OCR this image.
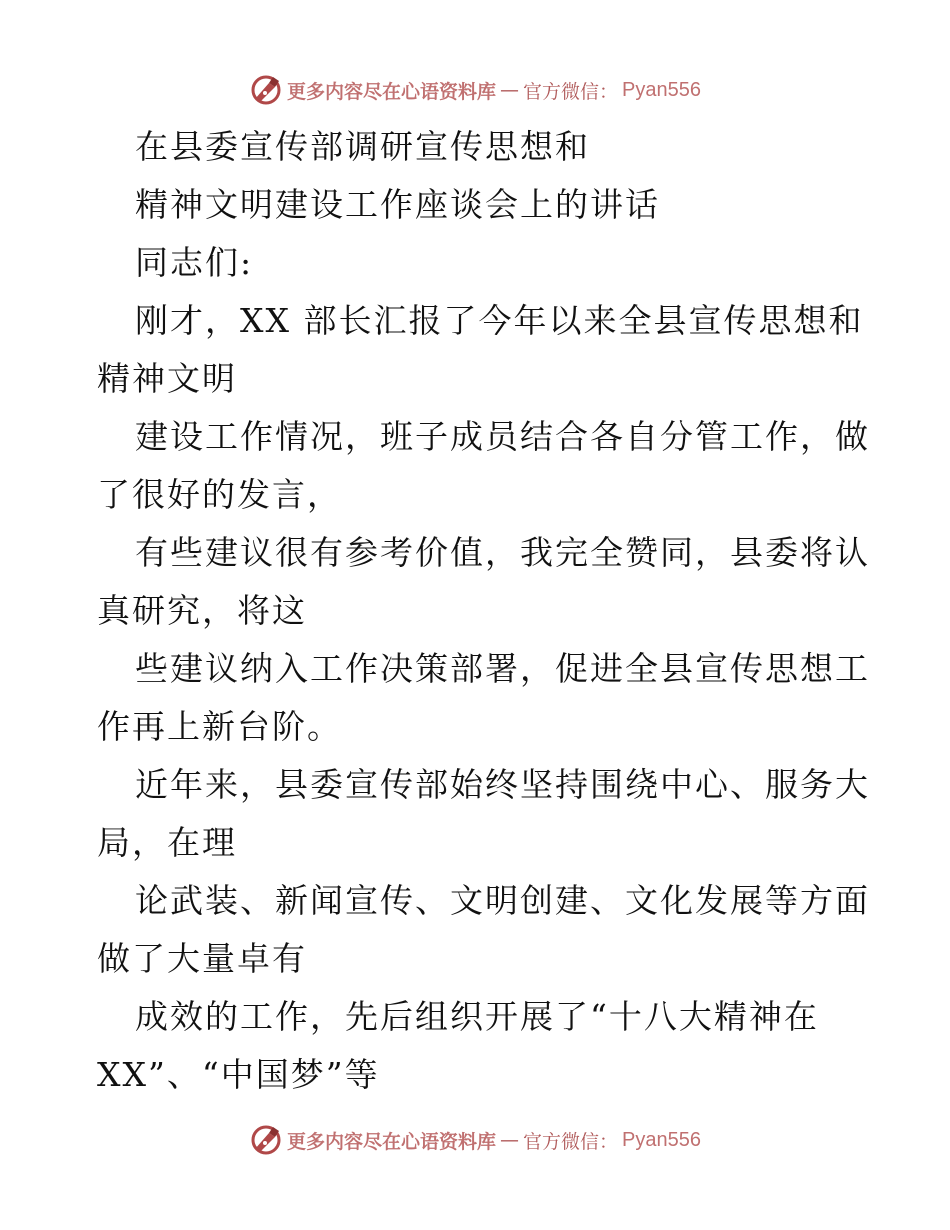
更多内容尽在心语资料库 — 官方微信： Pyan556
在县委宣传部调研宣传思想和
精神文明建设工作座谈会上的讲话
同志们:
刚才，XX 部长汇报了今年以来全县宣传思想和
精神文明
建设工作情况，班子成员结合各自分管工作，做
了很好的发言，
有些建议很有参考价值，我完全赞同，县委将认
真研究，将这
些建议纳入工作决策部署，促进全县宣传思想工
作再上新台阶。
近年来，县委宣传部始终坚持围绕中心、服务大
局，在理
论武装、新闻宣传、文明创建、文化发展等方面
做了大量卓有
成效的工作，先后组织开展了“十八大精神在
XX”、“中国梦”等
更多内容尽在心语资料库 — 官方微信： Pyan556
